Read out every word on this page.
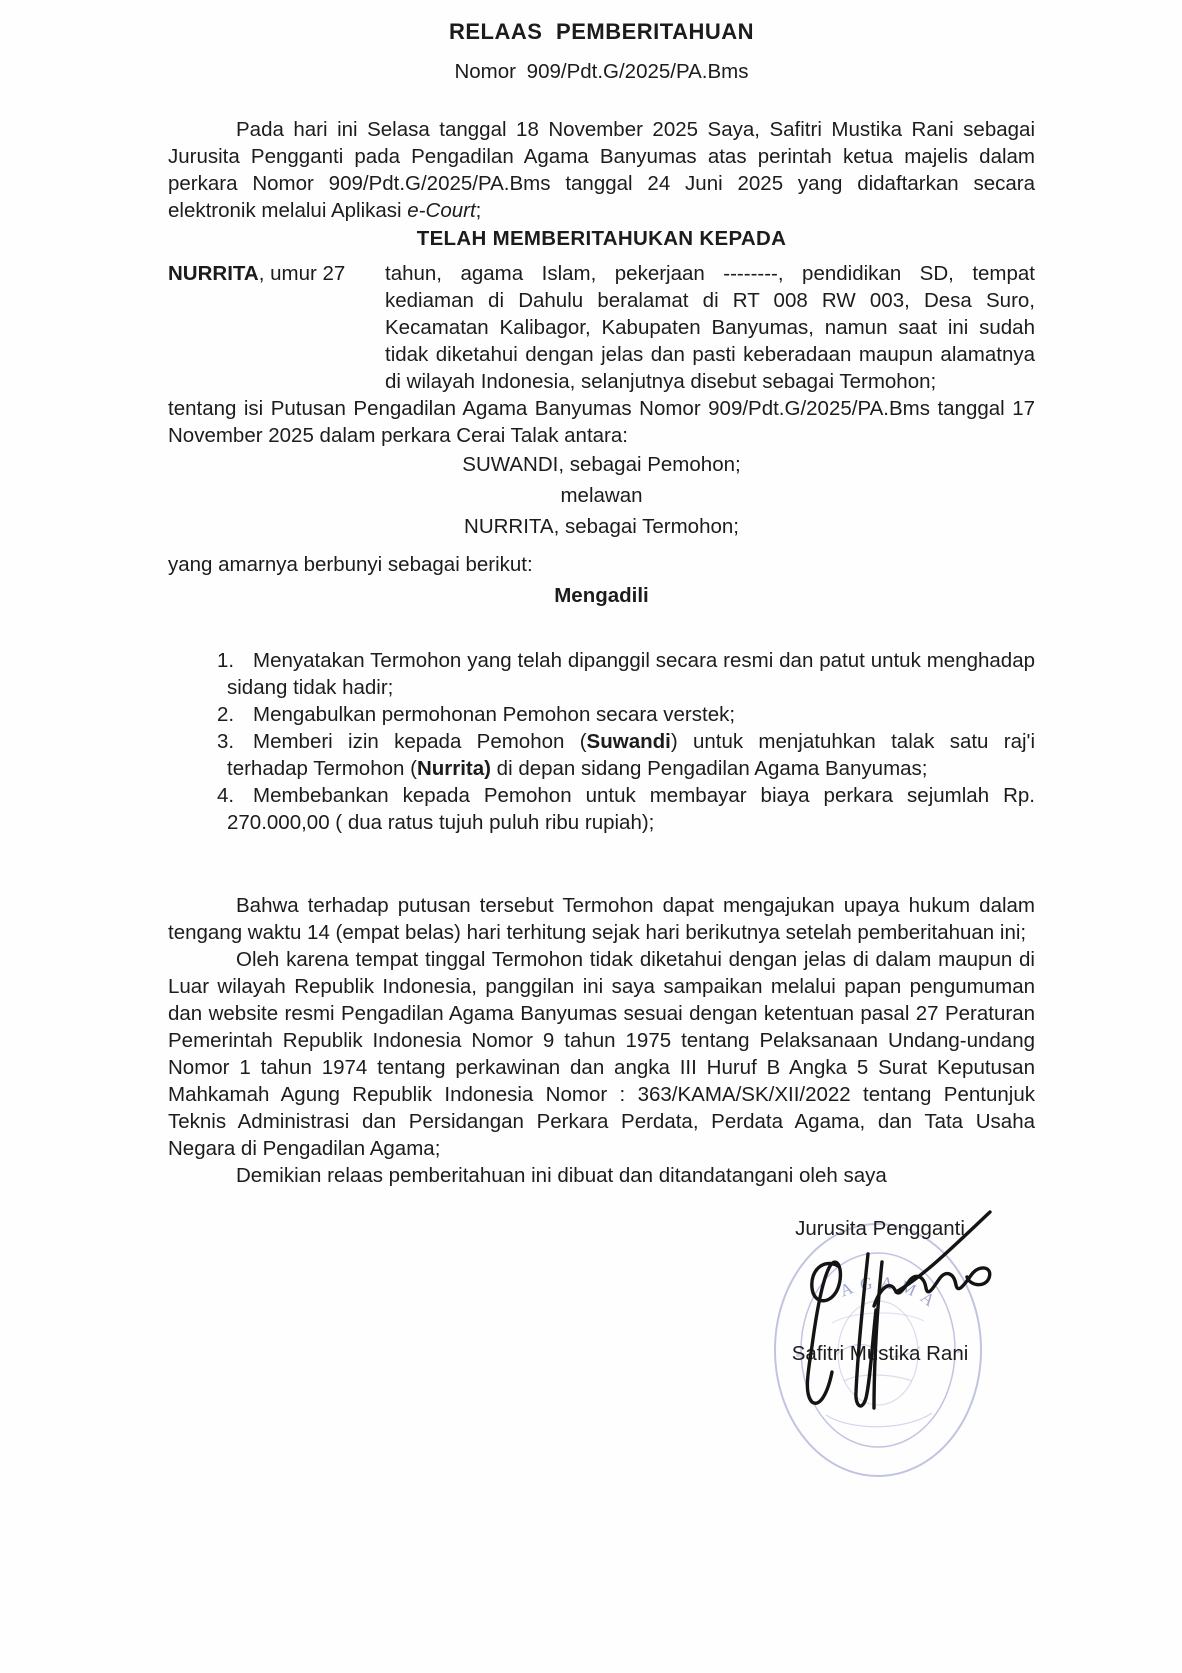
AGAMA
RELAAS PEMBERITAHUAN
Nomor 909/Pdt.G/2025/PA.Bms

Pada hari ini Selasa tanggal 18 November 2025 Saya, Safitri Mustika Rani sebagai Jurusita Pengganti pada Pengadilan Agama Banyumas atas perintah ketua majelis dalam perkara Nomor 909/Pdt.G/2025/PA.Bms tanggal 24 Juni 2025 yang didaftarkan secara elektronik melalui Aplikasi e-Court;

TELAH MEMBERITAHUKAN KEPADA
NURRITA, umur 27	tahun, agama Islam, pekerjaan --------, pendidikan SD, tempat kediaman di Dahulu beralamat di RT 008 RW 003, Desa Suro, Kecamatan Kalibagor, Kabupaten Banyumas, namun saat ini sudah tidak diketahui dengan jelas dan pasti keberadaan maupun alamatnya di wilayah Indonesia, selanjutnya disebut sebagai Termohon;

tentang isi Putusan Pengadilan Agama Banyumas Nomor 909/Pdt.G/2025/PA.Bms tanggal 17 November 2025 dalam perkara Cerai Talak antara:

SUWANDI, sebagai Pemohon;
melawan
NURRITA, sebagai Termohon;

yang amarnya berbunyi sebagai berikut:

Mengadili
1. Menyatakan Termohon yang telah dipanggil secara resmi dan patut untuk menghadap sidang tidak hadir;
2. Mengabulkan permohonan Pemohon secara verstek;
3. Memberi izin kepada Pemohon (Suwandi) untuk menjatuhkan talak satu raj'i terhadap Termohon (Nurrita) di depan sidang Pengadilan Agama Banyumas;
4. Membebankan kepada Pemohon untuk membayar biaya perkara sejumlah Rp. 270.000,00 ( dua ratus tujuh puluh ribu rupiah);

Bahwa terhadap putusan tersebut Termohon dapat mengajukan upaya hukum dalam tengang waktu 14 (empat belas) hari terhitung sejak hari berikutnya setelah pemberitahuan ini;

Oleh karena tempat tinggal Termohon tidak diketahui dengan jelas di dalam maupun di Luar wilayah Republik Indonesia, panggilan ini saya sampaikan melalui papan pengumuman dan website resmi Pengadilan Agama Banyumas sesuai dengan ketentuan pasal 27 Peraturan Pemerintah Republik Indonesia Nomor 9 tahun 1975 tentang Pelaksanaan Undang-undang Nomor 1 tahun 1974 tentang perkawinan dan angka III Huruf B Angka 5 Surat Keputusan Mahkamah Agung Republik Indonesia Nomor : 363/KAMA/SK/XII/2022 tentang Pentunjuk Teknis Administrasi dan Persidangan Perkara Perdata, Perdata Agama, dan Tata Usaha Negara di Pengadilan Agama;

Demikian relaas pemberitahuan ini dibuat dan ditandatangani oleh saya

Jurusita Pengganti
Safitri Mustika Rani
